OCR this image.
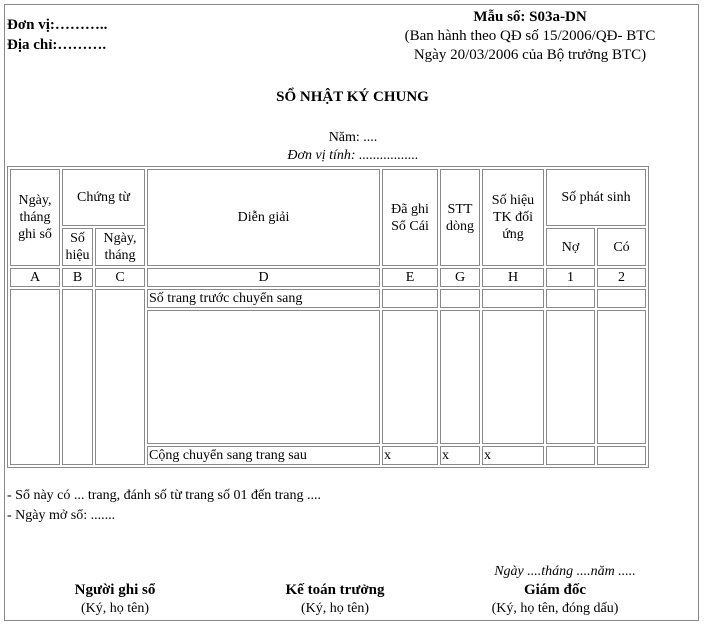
Đơn vị:………..
Địa chỉ:……….
Mẫu số: S03a-DN
(Ban hành theo QĐ số 15/2006/QĐ- BTC
Ngày 20/03/2006 của Bộ trưởng BTC)
SỔ NHẬT KÝ CHUNG
Năm: ....
Đơn vị tính: .................
Ngày, tháng ghi sổ	Chứng từ		Diễn giải	Đã ghi Sổ Cái	STT dòng	Số hiệu TK đối ứng	Số phát sinh	
	Số hiệu	Ngày, tháng					Nợ	Có
A	B	C	D	E	G	H	1	2
			Số trang trước chuyển sang					

			Cộng chuyển sang trang sau	x	x	x		
- Sổ này có ... trang, đánh số từ trang số 01 đến trang ....
- Ngày mở sổ: .......
Ngày ....tháng ....năm .....
Người ghi sổ
(Ký, họ tên)
Kế toán trưởng
(Ký, họ tên)
Giám đốc
(Ký, họ tên, đóng dấu)
